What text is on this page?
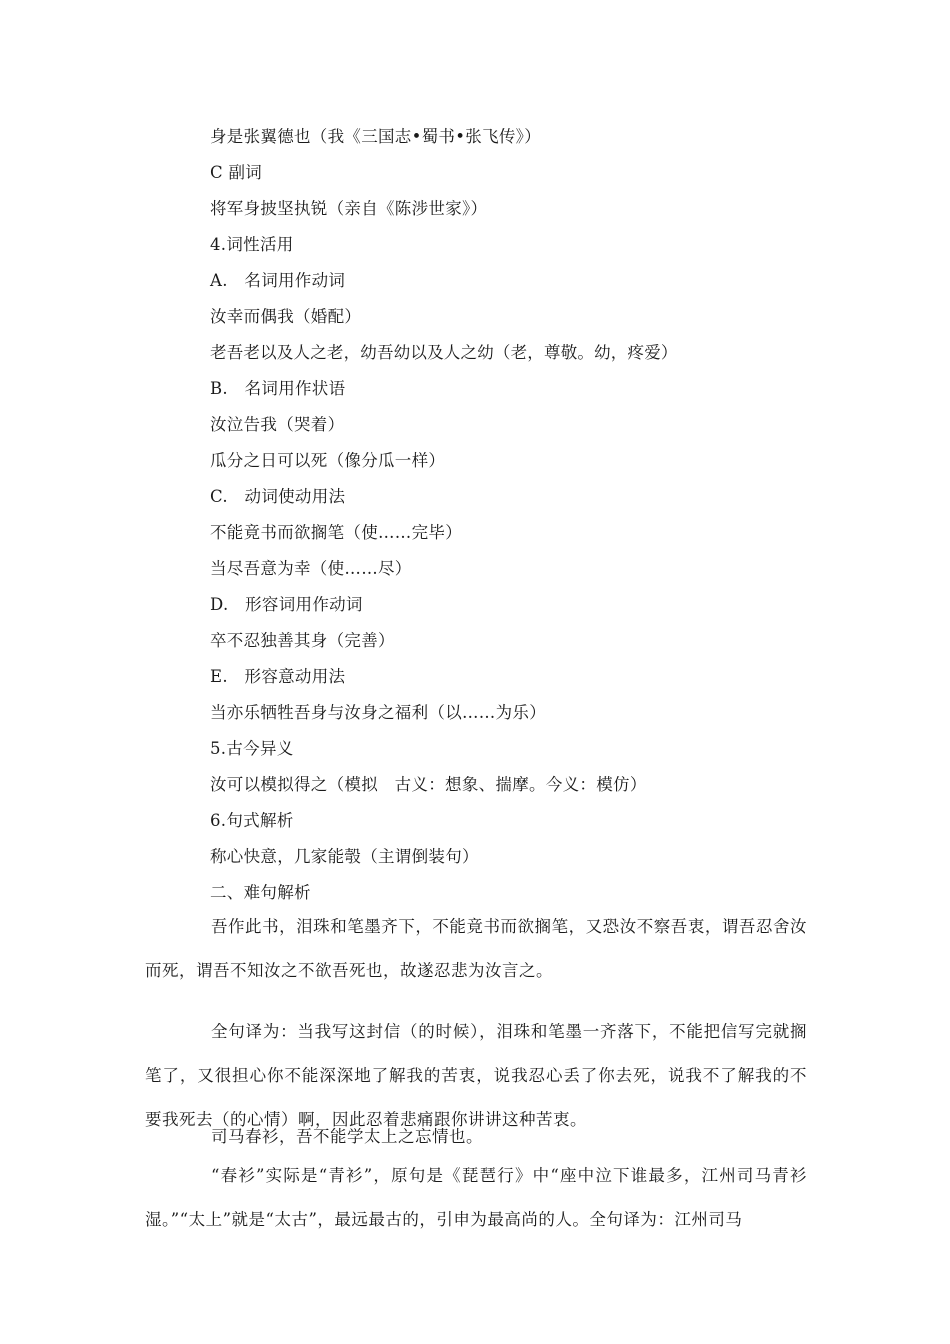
身是张翼德也（我《三国志•蜀书•张飞传》）
C 副词
将军身披坚执锐（亲自《陈涉世家》）
4.词性活用
A.   名词用作动词
汝幸而偶我（婚配）
老吾老以及人之老，幼吾幼以及人之幼（老，尊敬。幼，疼爱）
B.   名词用作状语
汝泣告我（哭着）
瓜分之日可以死（像分瓜一样）
C.   动词使动用法
不能竟书而欲搁笔（使……完毕）
当尽吾意为幸（使……尽）
D.   形容词用作动词
卒不忍独善其身（完善）
E.   形容意动用法
当亦乐牺牲吾身与汝身之福利（以……为乐）
5.古今异义
汝可以模拟得之（模拟   古义：想象、揣摩。今义：模仿）
6.句式解析
称心快意，几家能彀（主谓倒装句）
二、难句解析
吾作此书，泪珠和笔墨齐下，不能竟书而欲搁笔，又恐汝不察吾衷，谓吾忍舍汝而死，谓吾不知汝之不欲吾死也，故遂忍悲为汝言之。
全句译为：当我写这封信（的时候），泪珠和笔墨一齐落下，不能把信写完就搁笔了，又很担心你不能深深地了解我的苦衷，说我忍心丢了你去死，说我不了解我的不要我死去（的心情）啊，因此忍着悲痛跟你讲讲这种苦衷。
司马春衫，吾不能学太上之忘情也。
“春衫”实际是“青衫”，原句是《琵琶行》中“座中泣下谁最多，江州司马青衫湿。”“太上”就是“太古”，最远最古的，引申为最高尚的人。全句译为：江州司马
